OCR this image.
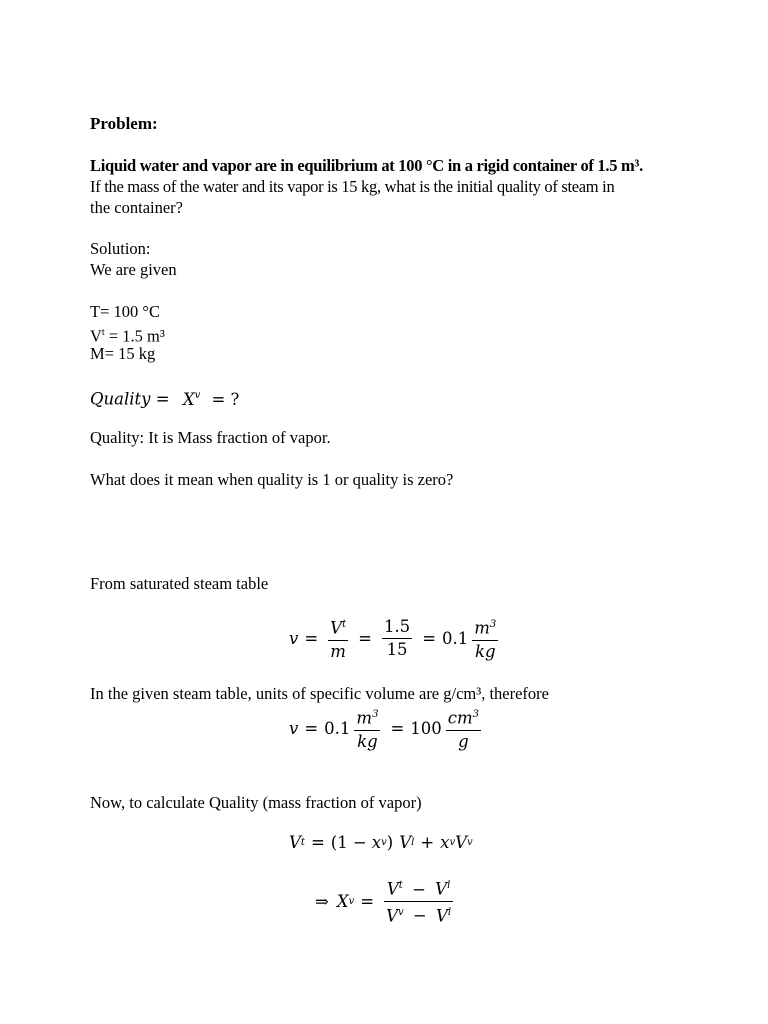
Problem:
Liquid water and vapor are in equilibrium at 100 °C in a rigid container of 1.5 m³.
If the mass of the water and its vapor is 15 kg, what is the initial quality of steam in
the container?
Solution:
We are given
T= 100 °C
$V^t = 1.5$ m³
M= 15 kg
Quality = $X^v$ = ?
Quality: It is Mass fraction of vapor.
What does it mean when quality is 1 or quality is zero?
From saturated steam table
$v = \frac{V^t}{m} = \frac{1.5}{15} = 0.1 \frac{m^3}{kg}$
In the given steam table, units of specific volume are g/cm³, therefore
$v = 0.1 \frac{m^3}{kg} = 100 \frac{cm^3}{g}$
Now, to calculate Quality (mass fraction of vapor)
V t = (1 − x v ) V l + x v V v
⇒ X $v = \frac{V^t - V^l}{V^v - V^l}$
